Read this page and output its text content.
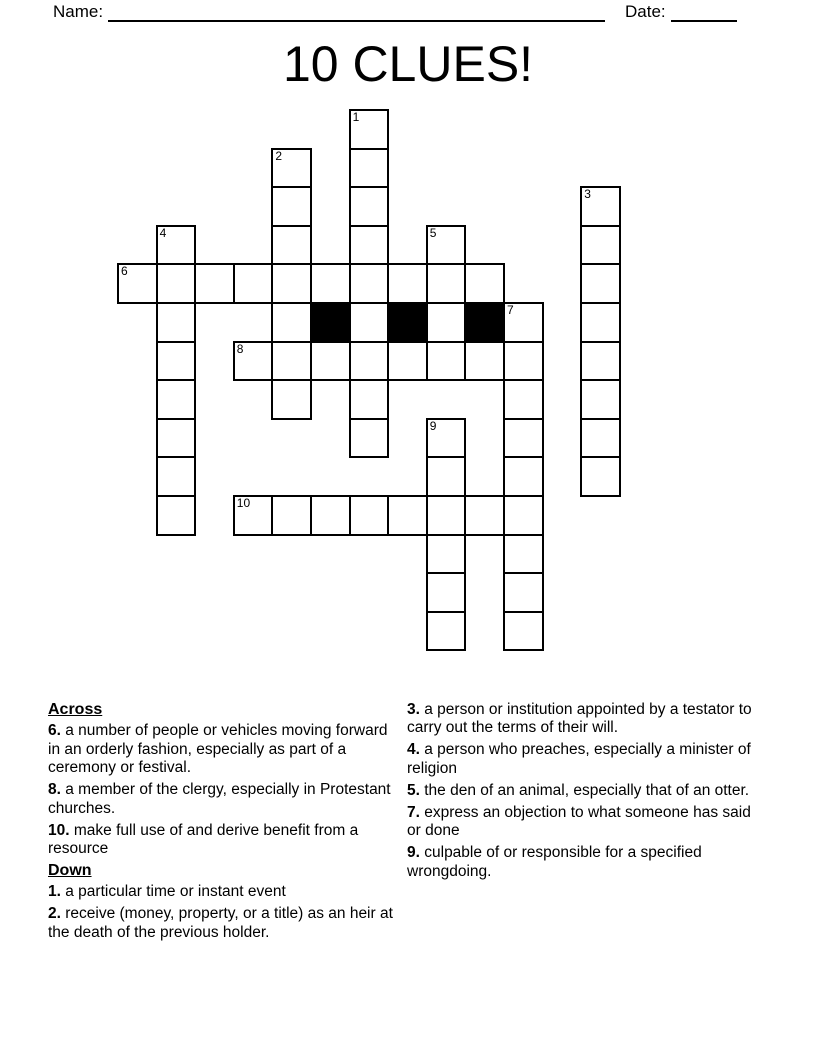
Name:	Date:
10 CLUES!
1
2
3
4	5
6
7
8
9
10

Across

6. a number of people or vehicles moving forward in an orderly fashion, especially as part of a ceremony or festival.

8. a member of the clergy, especially in Protestant churches.

10. make full use of and derive benefit from a resource

Down

1. a particular time or instant event

2. receive (money, property, or a title) as an heir at the death of the previous holder.

3. a person or institution appointed by a testator to carry out the terms of their will.

4. a person who preaches, especially a minister of religion

5. the den of an animal, especially that of an otter.

7. express an objection to what someone has said or done

9. culpable of or responsible for a specified wrongdoing.
